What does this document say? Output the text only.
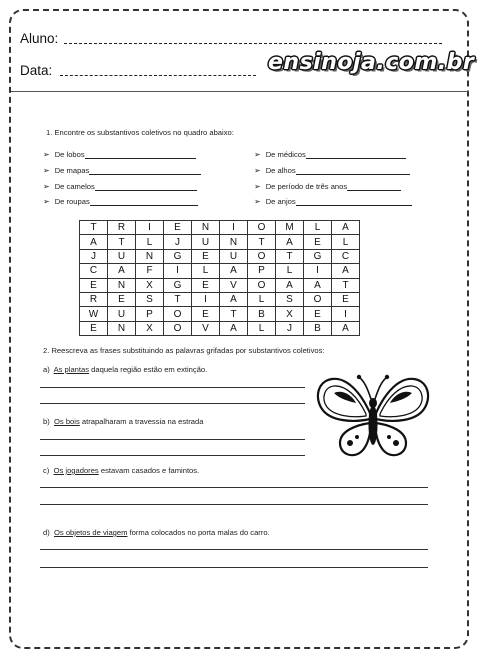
Aluno:
Data:	ensinoja.com.br
1. Encontre os substantivos coletivos no quadro abaixo:
➢ De lobos
➢ De mapas
➢ De camelos
➢ De roupas
➢ De médicos
➢ De alhos
➢ De período de três anos
➢ De anjos
T	R	I	E	N	I	O	M	L	A
A	T	L	J	U	N	T	A	E	L
J	U	N	G	E	U	O	T	G	C
C	A	F	I	L	A	P	L	I	A
E	N	X	G	E	V	O	A	A	T
R	E	S	T	I	A	L	S	O	E
W	U	P	O	E	T	B	X	E	I
E	N	X	O	V	A	L	J	B	A
2. Reescreva as frases substituindo as palavras grifadas por substantivos coletivos:
a) As plantas daquela região estão em extinção.
b) Os bois atrapalharam a travessia na estrada
c) Os jogadores estavam casados e famintos.
d) Os objetos de viagem forma colocados no porta malas do carro.
